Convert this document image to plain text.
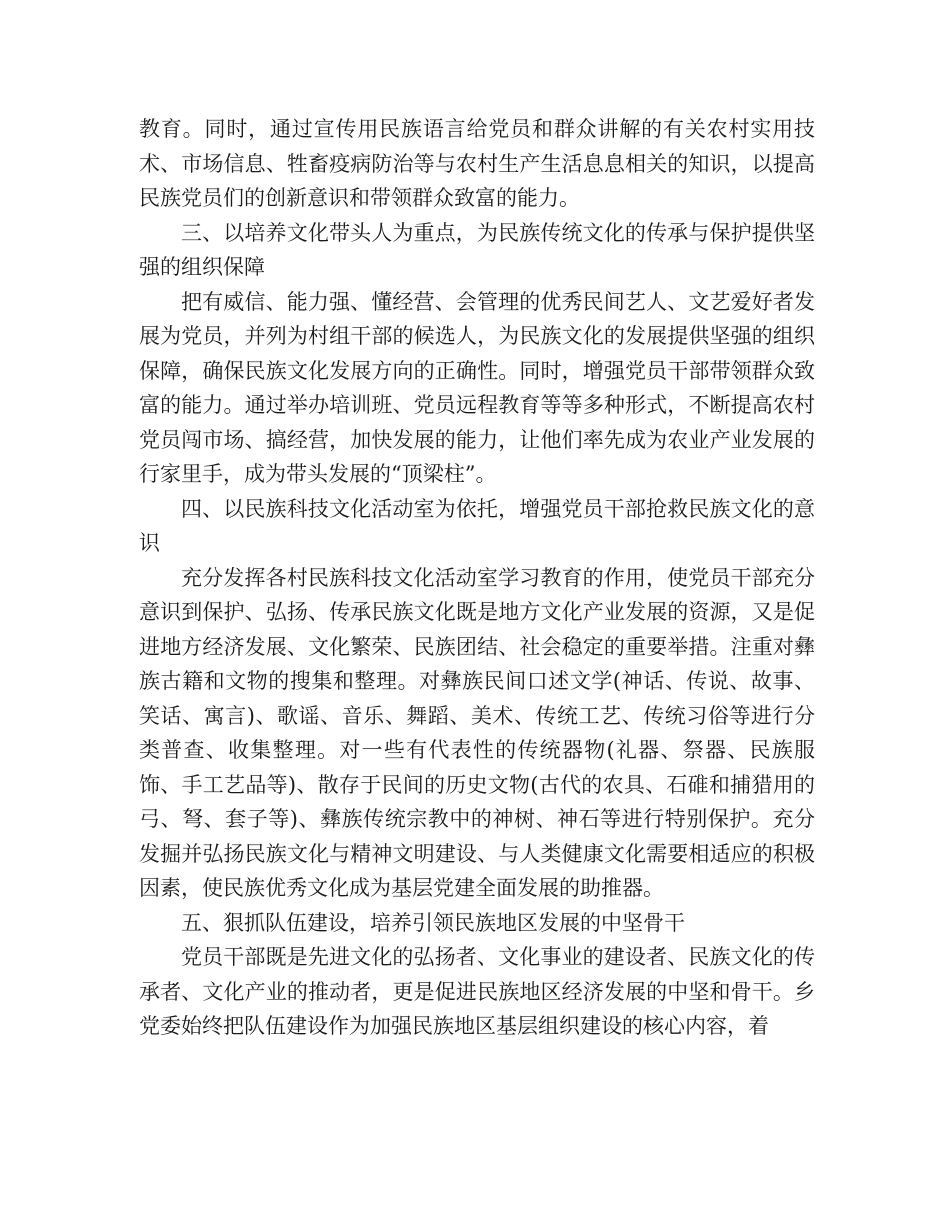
教育。同时，通过宣传用民族语言给党员和群众讲解的有关农村实用技术、市场信息、牲畜疫病防治等与农村生产生活息息相关的知识，以提高民族党员们的创新意识和带领群众致富的能力。

三、以培养文化带头人为重点，为民族传统文化的传承与保护提供坚强的组织保障

把有威信、能力强、懂经营、会管理的优秀民间艺人、文艺爱好者发展为党员，并列为村组干部的候选人，为民族文化的发展提供坚强的组织保障，确保民族文化发展方向的正确性。同时，增强党员干部带领群众致富的能力。通过举办培训班、党员远程教育等等多种形式，不断提高农村党员闯市场、搞经营，加快发展的能力，让他们率先成为农业产业发展的行家里手，成为带头发展的“顶梁柱”。

四、以民族科技文化活动室为依托，增强党员干部抢救民族文化的意识

充分发挥各村民族科技文化活动室学习教育的作用，使党员干部充分意识到保护、弘扬、传承民族文化既是地方文化产业发展的资源，又是促进地方经济发展、文化繁荣、民族团结、社会稳定的重要举措。注重对彝族古籍和文物的搜集和整理。对彝族民间口述文学(神话、传说、故事、笑话、寓言)、歌谣、音乐、舞蹈、美术、传统工艺、传统习俗等进行分类普查、收集整理。对一些有代表性的传统器物(礼器、祭器、民族服饰、手工艺品等)、散存于民间的历史文物(古代的农具、石碓和捕猎用的弓、弩、套子等)、彝族传统宗教中的神树、神石等进行特别保护。充分发掘并弘扬民族文化与精神文明建设、与人类健康文化需要相适应的积极因素，使民族优秀文化成为基层党建全面发展的助推器。

五、狠抓队伍建设，培养引领民族地区发展的中坚骨干

党员干部既是先进文化的弘扬者、文化事业的建设者、民族文化的传承者、文化产业的推动者，更是促进民族地区经济发展的中坚和骨干。乡党委始终把队伍建设作为加强民族地区基层组织建设的核心内容，着
